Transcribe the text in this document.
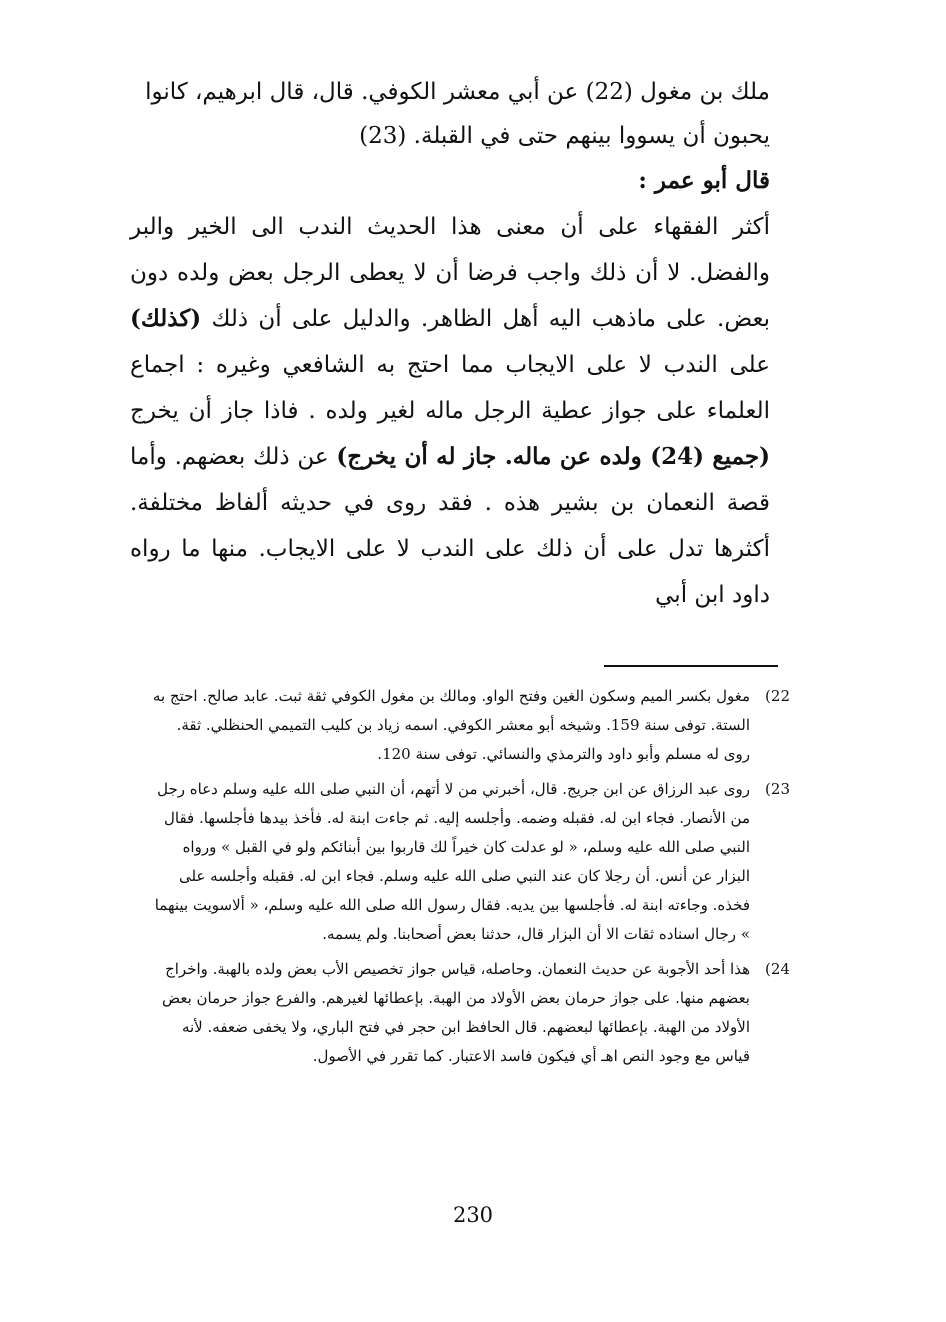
ملك بن مغول (22) عن أبي معشر الكوفي. قال، قال ابرهيم، كانوا يحبون أن يسووا بينهم حتى في القبلة. (23)

قال أبو عمر :

أكثر الفقهاء على أن معنى هذا الحديث الندب الى الخير والبر والفضل. لا أن ذلك واجب فرضا أن لا يعطى الرجل بعض ولده دون بعض. على ماذهب اليه أهل الظاهر. والدليل على أن ذلك (كذلك) على الندب لا على الايجاب مما احتج به الشافعي وغيره : اجماع العلماء على جواز عطية الرجل ماله لغير ولده . فاذا جاز أن يخرج (جميع (24) ولده عن ماله. جاز له أن يخرج) عن ذلك بعضهم. وأما قصة النعمان بن بشير هذه . فقد روى في حديثه ألفاظ مختلفة. أكثرها تدل على أن ذلك على الندب لا على الايجاب. منها ما رواه داود ابن أبي

(22
مغول بكسر الميم وسكون الغين وفتح الواو. ومالك بن مغول الكوفي ثقة ثبت. عابد صالح. احتج به الستة. توفى سنة 159. وشيخه أبو معشر الكوفي. اسمه زياد بن كليب التميمي الحنظلي. ثقة. روى له مسلم وأبو داود والترمذي والنسائي. توفى سنة 120.
(23
روى عبد الرزاق عن ابن جريج. قال، أخبرني من لا أتهم، أن النبي صلى الله عليه وسلم دعاه رجل من الأنصار. فجاء ابن له. فقبله وضمه. وأجلسه إليه. ثم جاءت ابنة له. فأخذ بيدها فأجلسها. فقال النبي صلى الله عليه وسلم، « لو عدلت كان خيراً لك قاربوا بين أبنائكم ولو في القبل » ورواه البزار عن أنس. أن رجلا كان عند النبي صلى الله عليه وسلم. فجاء ابن له. فقبله وأجلسه على فخذه. وجاءته ابنة له. فأجلسها بين يديه. فقال رسول الله صلى الله عليه وسلم، « ألاسويت بينهما » رجال اسناده ثقات الا أن البزار قال، حدثنا بعض أصحابنا. ولم يسمه.
(24
هذا أحد الأجوبة عن حديث النعمان. وحاصله، قياس جواز تخصيص الأب بعض ولده بالهبة. واخراج بعضهم منها. على جواز حرمان بعض الأولاد من الهبة. بإعطائها لغيرهم. والفرع جواز حرمان بعض الأولاد من الهبة. بإعطائها لبعضهم. قال الحافظ ابن حجر في فتح الباري، ولا يخفى ضعفه. لأنه قياس مع وجود النص اهـ أي فيكون فاسد الاعتبار. كما تقرر في الأصول.
230
